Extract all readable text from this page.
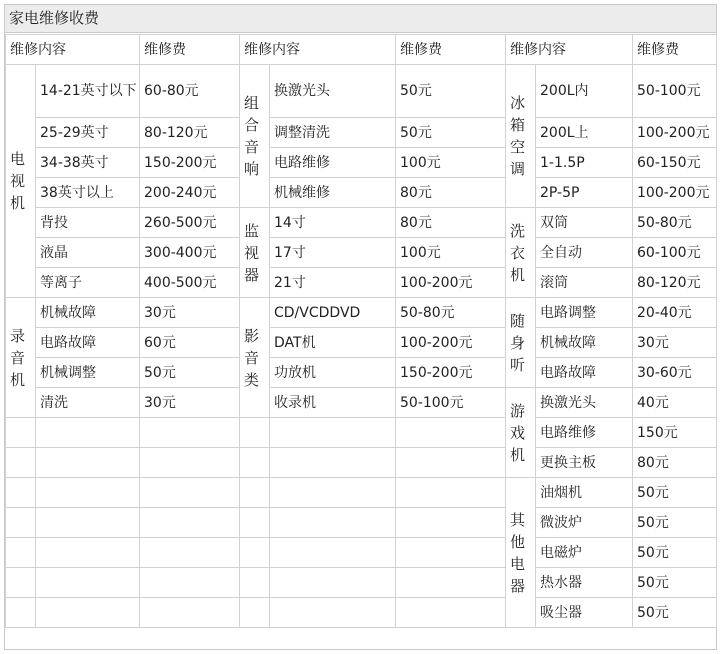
家电维修收费
维修内容		维修费	维修内容		维修费	维修内容		维修费

电视机	14-21英寸以下	60-80元	组合音响	换激光头	50元	冰箱空调	200L内	50-100元
	25-29英寸	80-120元		调整清洗	50元		200L上	100-200元
	34-38英寸	150-200元		电路维修	100元		1-1.5P	60-150元
	38英寸以上	200-240元		机械维修	80元		2P-5P	100-200元
	背投	260-500元	监视器	14寸	80元	洗衣机	双筒	50-80元
	液晶	300-400元		17寸	100元		全自动	60-100元
	等离子	400-500元		21寸	100-200元		滚筒	80-120元

录音机	机械故障	30元	影音类	CD/VCDDVD	50-80元	随身听	电路调整	20-40元
	电路故障	60元		DAT机	100-200元		机械故障	30元
	机械调整	50元		功放机	150-200元		电路故障	30-60元
	清洗	30元		收录机	50-100元	游戏机	换激光头	40元
							电路维修	150元
							更换主板	80元

						其他电器	油烟机	50元
							微波炉	50元
							电磁炉	50元
							热水器	50元
							吸尘器	50元
